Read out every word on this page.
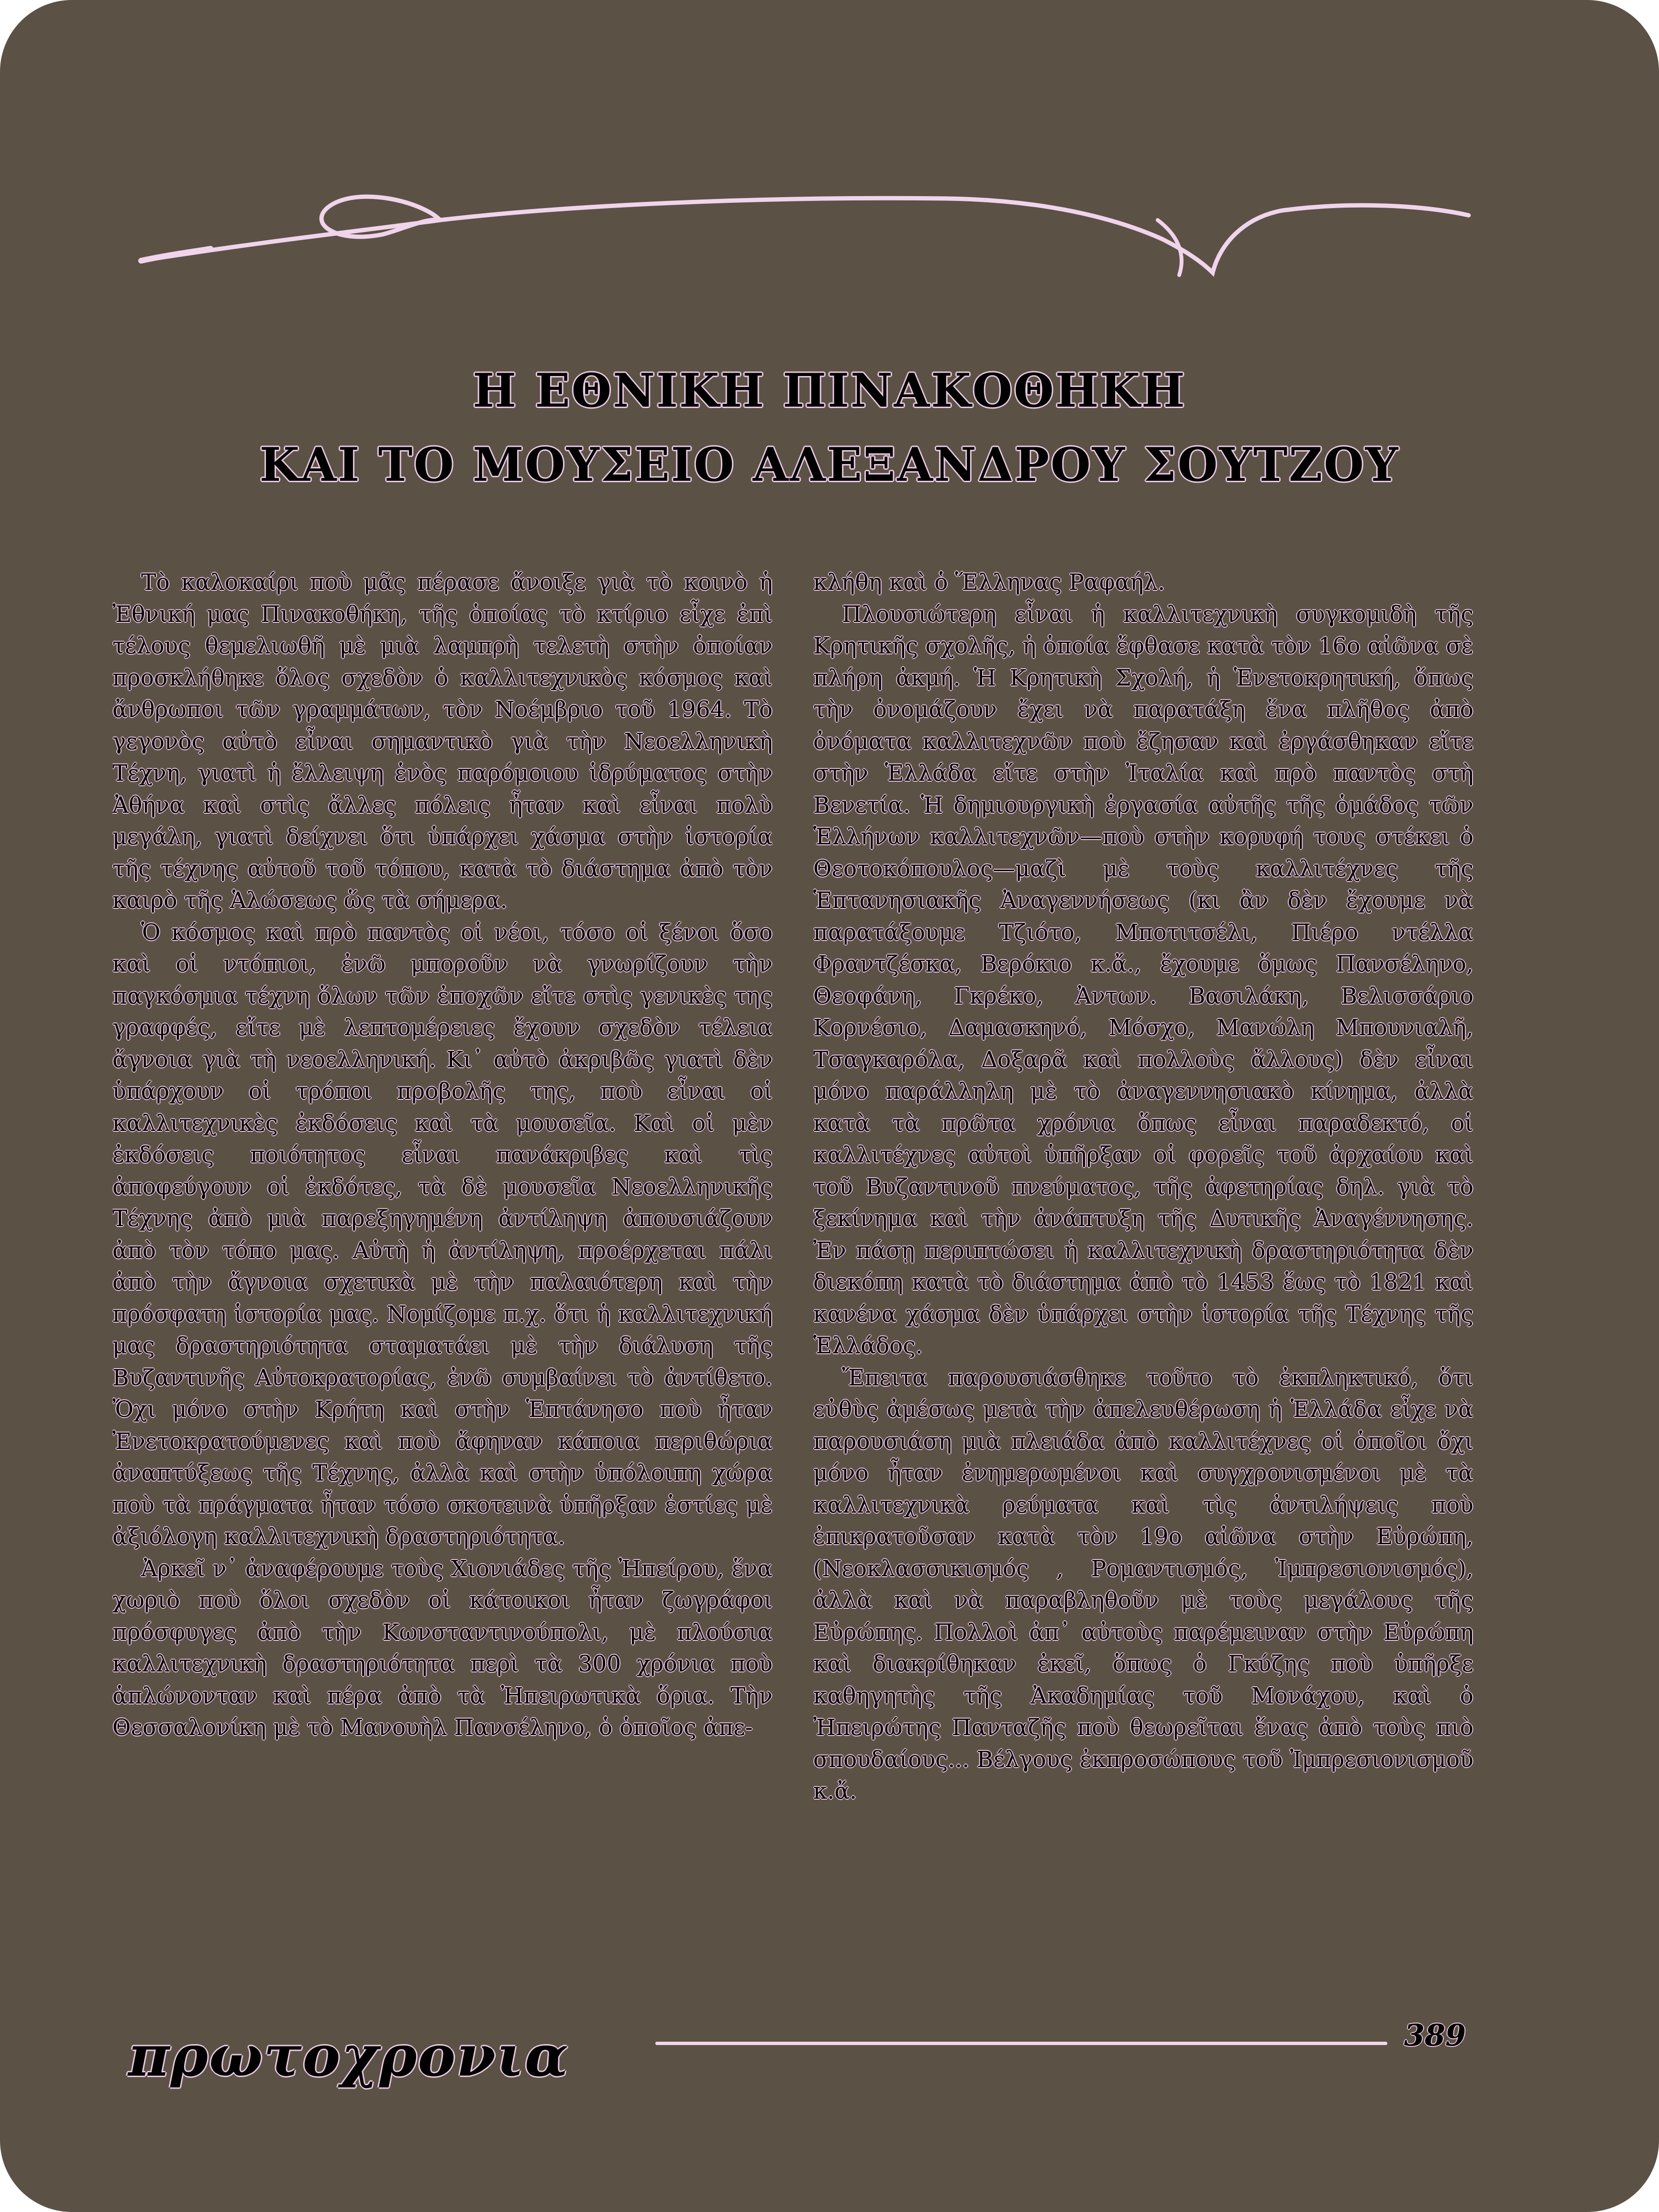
Η ΕΘΝΙΚΗ ΠΙΝΑΚΟΘΗΚΗ
ΚΑΙ ΤΟ ΜΟΥΣΕΙΟ ΑΛΕΞΑΝΔΡΟΥ ΣΟΥΤΖΟΥ

Τὸ καλοκαίρι ποὺ μᾶς πέρασε ἄνοιξε γιὰ τὸ κοινὸ ἡ Ἐθνική μας Πινακοθήκη, τῆς ὁποίας τὸ κτίριο εἶχε ἐπὶ τέλους θεμελιωθῆ μὲ μιὰ λαμπρὴ τελετὴ στὴν ὁποίαν προσκλήθηκε ὅλος σχεδὸν ὁ καλλιτεχνικὸς κόσμος καὶ ἄνθρωποι τῶν γραμμάτων, τὸν Νοέμβριο τοῦ 1964. Τὸ γεγονὸς αὐτὸ εἶναι σημαντικὸ γιὰ τὴν Νεοελληνικὴ Τέχνη, γιατὶ ἡ ἔλλειψη ἑνὸς παρόμοιου ἱδρύματος στὴν Ἀθήνα καὶ στὶς ἄλλες πόλεις ἦταν καὶ εἶναι πολὺ μεγάλη, γιατὶ δείχνει ὅτι ὑπάρχει χάσμα στὴν ἱστορία τῆς τέχνης αὐτοῦ τοῦ τόπου, κατὰ τὸ διάστημα ἀπὸ τὸν καιρὸ τῆς Ἁλώσεως ὥς τὰ σήμερα.

Ὁ κόσμος καὶ πρὸ παντὸς οἱ νέοι, τόσο οἱ ξένοι ὅσο καὶ οἱ ντόπιοι, ἐνῶ μποροῦν νὰ γνωρίζουν τὴν παγκόσμια τέχνη ὅλων τῶν ἐποχῶν εἴτε στὶς γενικὲς της γραφφές, εἴτε μὲ λεπτομέρειες ἔχουν σχεδὸν τέλεια ἄγνοια γιὰ τὴ νεοελληνική. Κι᾿ αὐτὸ ἀκριβῶς γιατὶ δὲν ὑπάρχουν οἱ τρόποι προβολῆς της, ποὺ εἶναι οἱ καλλιτεχνικὲς ἐκδόσεις καὶ τὰ μουσεῖα. Καὶ οἱ μὲν ἐκδόσεις ποιότητος εἶναι πανάκριβες καὶ τὶς ἀποφεύγουν οἱ ἐκδότες, τὰ δὲ μουσεῖα Νεοελληνικῆς Τέχνης ἀπὸ μιὰ παρεξηγημένη ἀντίληψη ἀπουσιάζουν ἀπὸ τὸν τόπο μας. Αὐτὴ ἡ ἀντίληψη, προέρχεται πάλι ἀπὸ τὴν ἄγνοια σχετικὰ μὲ τὴν παλαιότερη καὶ τὴν πρόσφατη ἱστορία μας. Νομίζομε π.χ. ὅτι ἡ καλλιτεχνική μας δραστηριότητα σταματάει μὲ τὴν διάλυση τῆς Βυζαντινῆς Αὐτοκρατορίας, ἐνῶ συμβαίνει τὸ ἀντίθετο. Ὄχι μόνο στὴν Κρήτη καὶ στὴν Ἑπτάνησο ποὺ ἦταν Ἐνετοκρατούμενες καὶ ποὺ ἄφηναν κάποια περιθώρια ἀναπτύξεως τῆς Τέχνης, ἀλλὰ καὶ στὴν ὑπόλοιπη χώρα ποὺ τὰ πράγματα ἦταν τόσο σκοτεινὰ ὑπῆρξαν ἑστίες μὲ ἀξιόλογη καλλιτεχνικὴ δραστηριότητα.

Ἀρκεῖ ν᾿ ἀναφέρουμε τοὺς Χιονιάδες τῆς Ἠπείρου, ἕνα χωριὸ ποὺ ὅλοι σχεδὸν οἱ κάτοικοι ἦταν ζωγράφοι πρόσφυγες ἀπὸ τὴν Κωνσταντινούπολι, μὲ πλούσια καλλιτεχνικὴ δραστηριότητα περὶ τὰ 300 χρόνια ποὺ ἁπλώνονταν καὶ πέρα ἀπὸ τὰ Ἠπειρωτικὰ ὅρια. Τὴν Θεσσαλονίκη μὲ τὸ Μανουὴλ Πανσέληνο, ὁ ὁποῖος ἀπε-

κλήθη καὶ ὁ Ἕλληνας Ραφαήλ.

Πλουσιώτερη εἶναι ἡ καλλιτεχνικὴ συγκομιδὴ τῆς Κρητικῆς σχολῆς, ἡ ὁποία ἔφθασε κατὰ τὸν 16ο αἰῶνα σὲ πλήρη ἀκμή. Ἡ Κρητικὴ Σχολή, ἡ Ἑνετοκρητική, ὅπως τὴν ὀνομάζουν ἔχει νὰ παρατάξη ἕνα πλῆθος ἀπὸ ὀνόματα καλλιτεχνῶν ποὺ ἔζησαν καὶ ἐργάσθηκαν εἴτε στὴν Ἑλλάδα εἴτε στὴν Ἰταλία καὶ πρὸ παντὸς στὴ Βενετία. Ἡ δημιουργικὴ ἐργασία αὐτῆς τῆς ὁμάδος τῶν Ἑλλήνων καλλιτεχνῶν—ποὺ στὴν κορυφή τους στέκει ὁ Θεοτοκόπουλος—μαζὶ μὲ τοὺς καλλιτέχνες τῆς Ἑπτανησιακῆς Ἀναγεννήσεως (κι ἂν δὲν ἔχουμε νὰ παρατάξουμε Τζιότο, Μποτιτσέλι, Πιέρο ντέλλα Φραντζέσκα, Βερόκιο κ.ἄ., ἔχουμε ὅμως Πανσέληνο, Θεοφάνη, Γκρέκο, Ἀντων. Βασιλάκη, Βελισσάριο Κορνέσιο, Δαμασκηνό, Μόσχο, Μανώλη Μπουνιαλῆ, Τσαγκαρόλα, Δοξαρᾶ καὶ πολλοὺς ἄλλους) δὲν εἶναι μόνο παράλληλη μὲ τὸ ἀναγεννησιακὸ κίνημα, ἀλλὰ κατὰ τὰ πρῶτα χρόνια ὅπως εἶναι παραδεκτό, οἱ καλλιτέχνες αὐτοὶ ὑπῆρξαν οἱ φορεῖς τοῦ ἀρχαίου καὶ τοῦ Βυζαντινοῦ πνεύματος, τῆς ἀφετηρίας δηλ. γιὰ τὸ ξεκίνημα καὶ τὴν ἀνάπτυξη τῆς Δυτικῆς Ἀναγέννησης. Ἐν πάσῃ περιπτώσει ἡ καλλιτεχνικὴ δραστηριότητα δὲν διεκόπη κατὰ τὸ διάστημα ἀπὸ τὸ 1453 ἕως τὸ 1821 καὶ κανένα χάσμα δὲν ὑπάρχει στὴν ἱστορία τῆς Τέχνης τῆς Ἑλλάδος.

Ἔπειτα παρουσιάσθηκε τοῦτο τὸ ἐκπληκτικό, ὅτι εὐθὺς ἀμέσως μετὰ τὴν ἀπελευθέρωση ἡ Ἑλλάδα εἶχε νὰ παρουσιάση μιὰ πλειάδα ἀπὸ καλλιτέχνες οἱ ὁποῖοι ὄχι μόνο ἦταν ἐνημερωμένοι καὶ συγχρονισμένοι μὲ τὰ καλλιτεχνικὰ ρεύματα καὶ τὶς ἀντιλήψεις ποὺ ἐπικρατοῦσαν κατὰ τὸν 19ο αἰῶνα στὴν Εὐρώπη, (Νεοκλασσικισμός , Ρομαντισμός, Ἰμπρεσιονισμός), ἀλλὰ καὶ νὰ παραβληθοῦν μὲ τοὺς μεγάλους τῆς Εὐρώπης. Πολλοὶ ἀπ᾿ αὐτοὺς παρέμειναν στὴν Εὐρώπη καὶ διακρίθηκαν ἐκεῖ, ὅπως ὁ Γκύζης ποὺ ὑπῆρξε καθηγητὴς τῆς Ἀκαδημίας τοῦ Μονάχου, καὶ ὁ Ἠπειρώτης Πανταζῆς ποὺ θεωρεῖται ἕνας ἀπὸ τοὺς πιὸ σπουδαίους... Βέλγους ἐκπροσώπους τοῦ Ἰμπρεσιονισμοῦ κ.ἄ.

πρωτοχρονια	389
